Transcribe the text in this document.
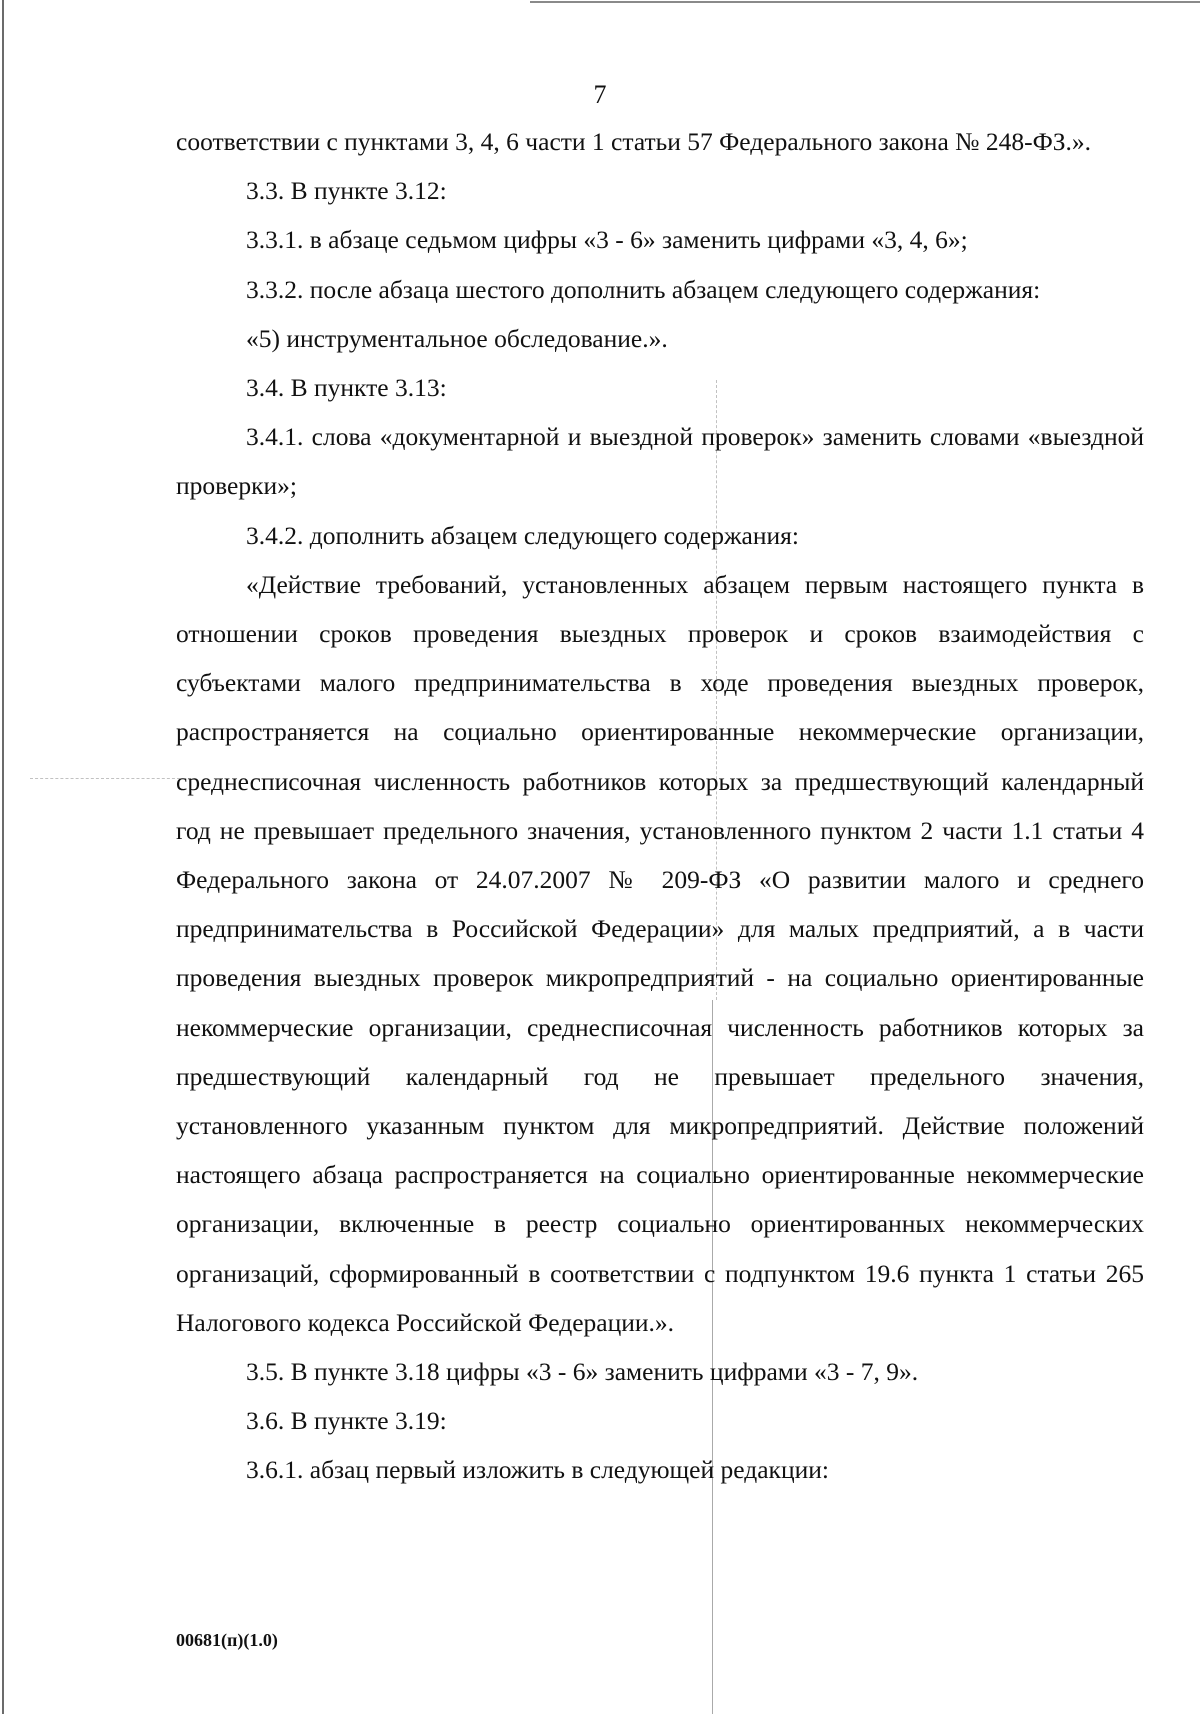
7

соответствии с пунктами 3, 4, 6 части 1 статьи 57 Федерального закона № 248-ФЗ.».

3.3. В пункте 3.12:

3.3.1. в абзаце седьмом цифры «3 - 6» заменить цифрами «3, 4, 6»;

3.3.2. после абзаца шестого дополнить абзацем следующего содержания:

«5) инструментальное обследование.».

3.4. В пункте 3.13:

3.4.1. слова «документарной и выездной проверок» заменить словами «выездной проверки»;

3.4.2. дополнить абзацем следующего содержания:

«Действие требований, установленных абзацем первым настоящего пункта в отношении сроков проведения выездных проверок и сроков взаимодействия с субъектами малого предпринимательства в ходе проведения выездных проверок, распространяется на социально ориентированные некоммерческие организации, среднесписочная численность работников которых за предшествующий календарный год не превышает предельного значения, установленного пунктом 2 части 1.1 статьи 4 Федерального закона от 24.07.2007 № 209-ФЗ «О развитии малого и среднего предпринимательства в Российской Федерации» для малых предприятий, а в части проведения выездных проверок микропредприятий - на социально ориентированные некоммерческие организации, среднесписочная численность работников которых за предшествующий календарный год не превышает предельного значения, установленного указанным пунктом для микропредприятий. Действие положений настоящего абзаца распространяется на социально ориентированные некоммерческие организации, включенные в реестр социально ориентированных некоммерческих организаций, сформированный в соответствии с подпунктом 19.6 пункта 1 статьи 265 Налогового кодекса Российской Федерации.».

3.5. В пункте 3.18 цифры «3 - 6» заменить цифрами «3 - 7, 9».

3.6. В пункте 3.19:

3.6.1. абзац первый изложить в следующей редакции:

00681(п)(1.0)
